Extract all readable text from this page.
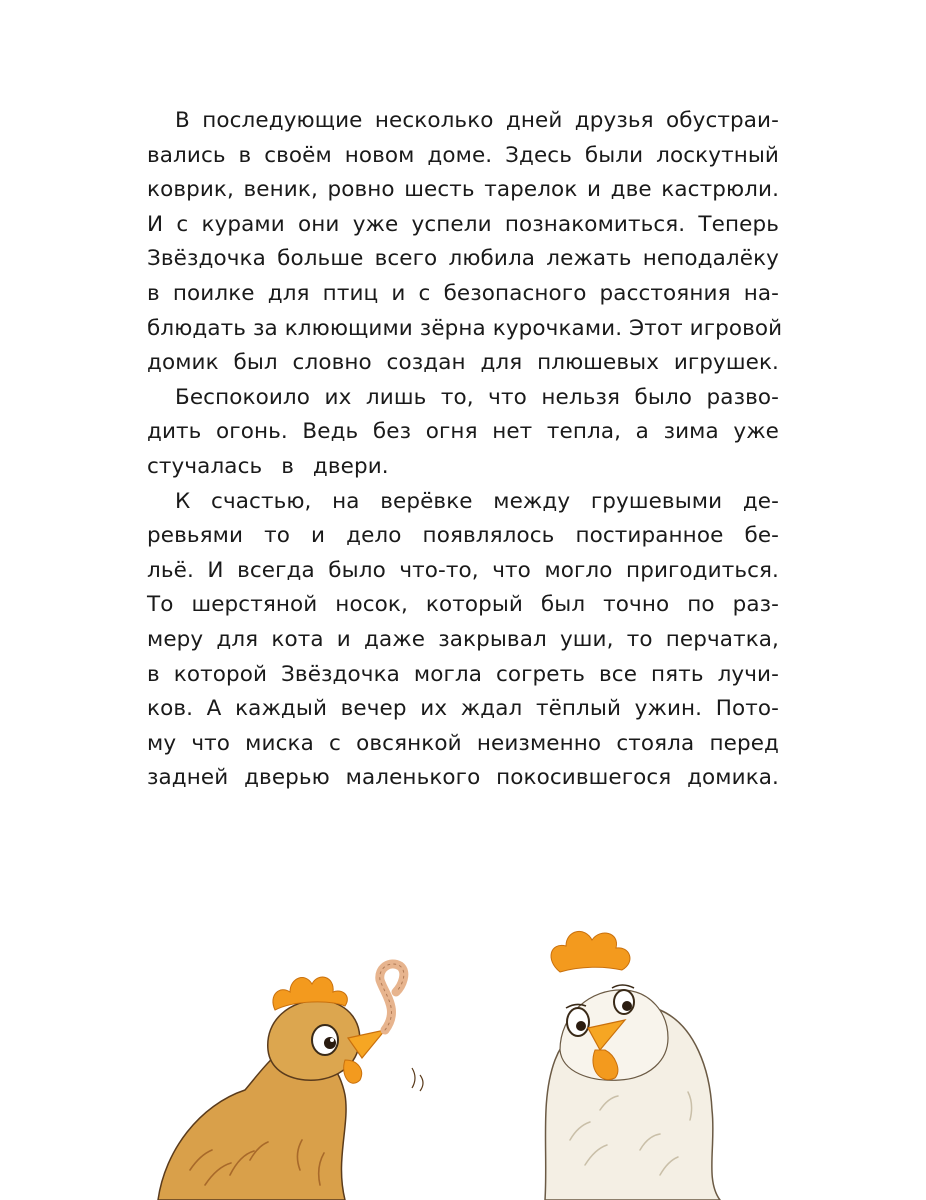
В последующие несколько дней друзья обустраи-
вались в своём новом доме. Здесь были лоскутный
коврик, веник, ровно шесть тарелок и две кастрюли.
И с курами они уже успели познакомиться. Теперь
Звёздочка больше всего любила лежать неподалёку
в поилке для птиц и с безопасного расстояния на-
блюдать за клюющими зёрна курочками. Этот игровой
домик был словно создан для плюшевых игрушек.
Беспокоило их лишь то, что нельзя было разво-
дить огонь. Ведь без огня нет тепла, а зима уже
стучалась в двери.
К счастью, на верёвке между грушевыми де-
ревьями то и дело появлялось постиранное бе-
льё. И всегда было что-то, что могло пригодиться.
То шерстяной носок, который был точно по раз-
меру для кота и даже закрывал уши, то перчатка,
в которой Звёздочка могла согреть все пять лучи-
ков. А каждый вечер их ждал тёплый ужин. Пото-
му что миска с овсянкой неизменно стояла перед
задней дверью маленького покосившегося домика.
